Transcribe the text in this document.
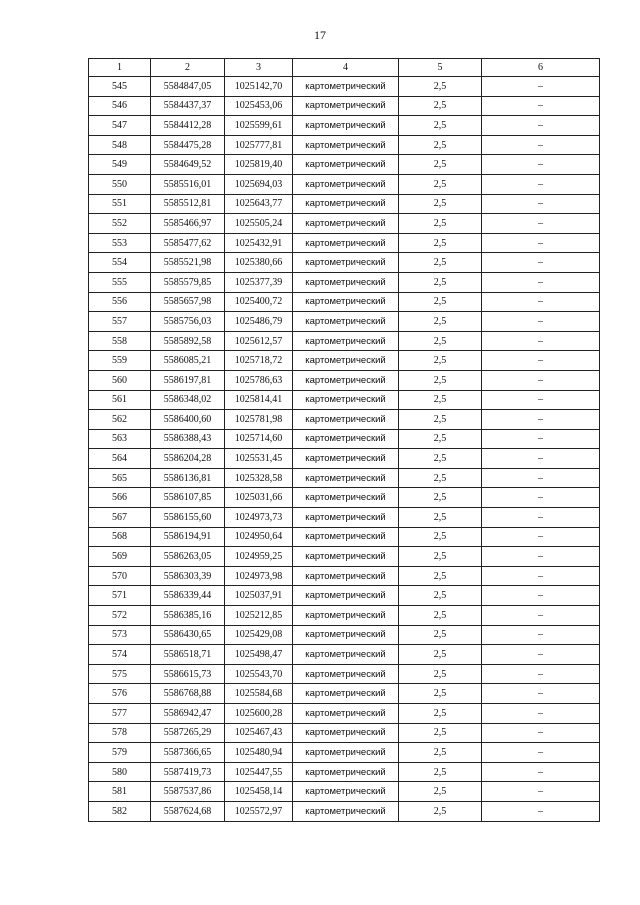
17
1	2	3	4	5	6
545	5584847,05	1025142,70	картометрический	2,5	–
546	5584437,37	1025453,06	картометрический	2,5	–
547	5584412,28	1025599,61	картометрический	2,5	–
548	5584475,28	1025777,81	картометрический	2,5	–
549	5584649,52	1025819,40	картометрический	2,5	–
550	5585516,01	1025694,03	картометрический	2,5	–
551	5585512,81	1025643,77	картометрический	2,5	–
552	5585466,97	1025505,24	картометрический	2,5	–
553	5585477,62	1025432,91	картометрический	2,5	–
554	5585521,98	1025380,66	картометрический	2,5	–
555	5585579,85	1025377,39	картометрический	2,5	–
556	5585657,98	1025400,72	картометрический	2,5	–
557	5585756,03	1025486,79	картометрический	2,5	–
558	5585892,58	1025612,57	картометрический	2,5	–
559	5586085,21	1025718,72	картометрический	2,5	–
560	5586197,81	1025786,63	картометрический	2,5	–
561	5586348,02	1025814,41	картометрический	2,5	–
562	5586400,60	1025781,98	картометрический	2,5	–
563	5586388,43	1025714,60	картометрический	2,5	–
564	5586204,28	1025531,45	картометрический	2,5	–
565	5586136,81	1025328,58	картометрический	2,5	–
566	5586107,85	1025031,66	картометрический	2,5	–
567	5586155,60	1024973,73	картометрический	2,5	–
568	5586194,91	1024950,64	картометрический	2,5	–
569	5586263,05	1024959,25	картометрический	2,5	–
570	5586303,39	1024973,98	картометрический	2,5	–
571	5586339,44	1025037,91	картометрический	2,5	–
572	5586385,16	1025212,85	картометрический	2,5	–
573	5586430,65	1025429,08	картометрический	2,5	–
574	5586518,71	1025498,47	картометрический	2,5	–
575	5586615,73	1025543,70	картометрический	2,5	–
576	5586768,88	1025584,68	картометрический	2,5	–
577	5586942,47	1025600,28	картометрический	2,5	–
578	5587265,29	1025467,43	картометрический	2,5	–
579	5587366,65	1025480,94	картометрический	2,5	–
580	5587419,73	1025447,55	картометрический	2,5	–
581	5587537,86	1025458,14	картометрический	2,5	–
582	5587624,68	1025572,97	картометрический	2,5	–
